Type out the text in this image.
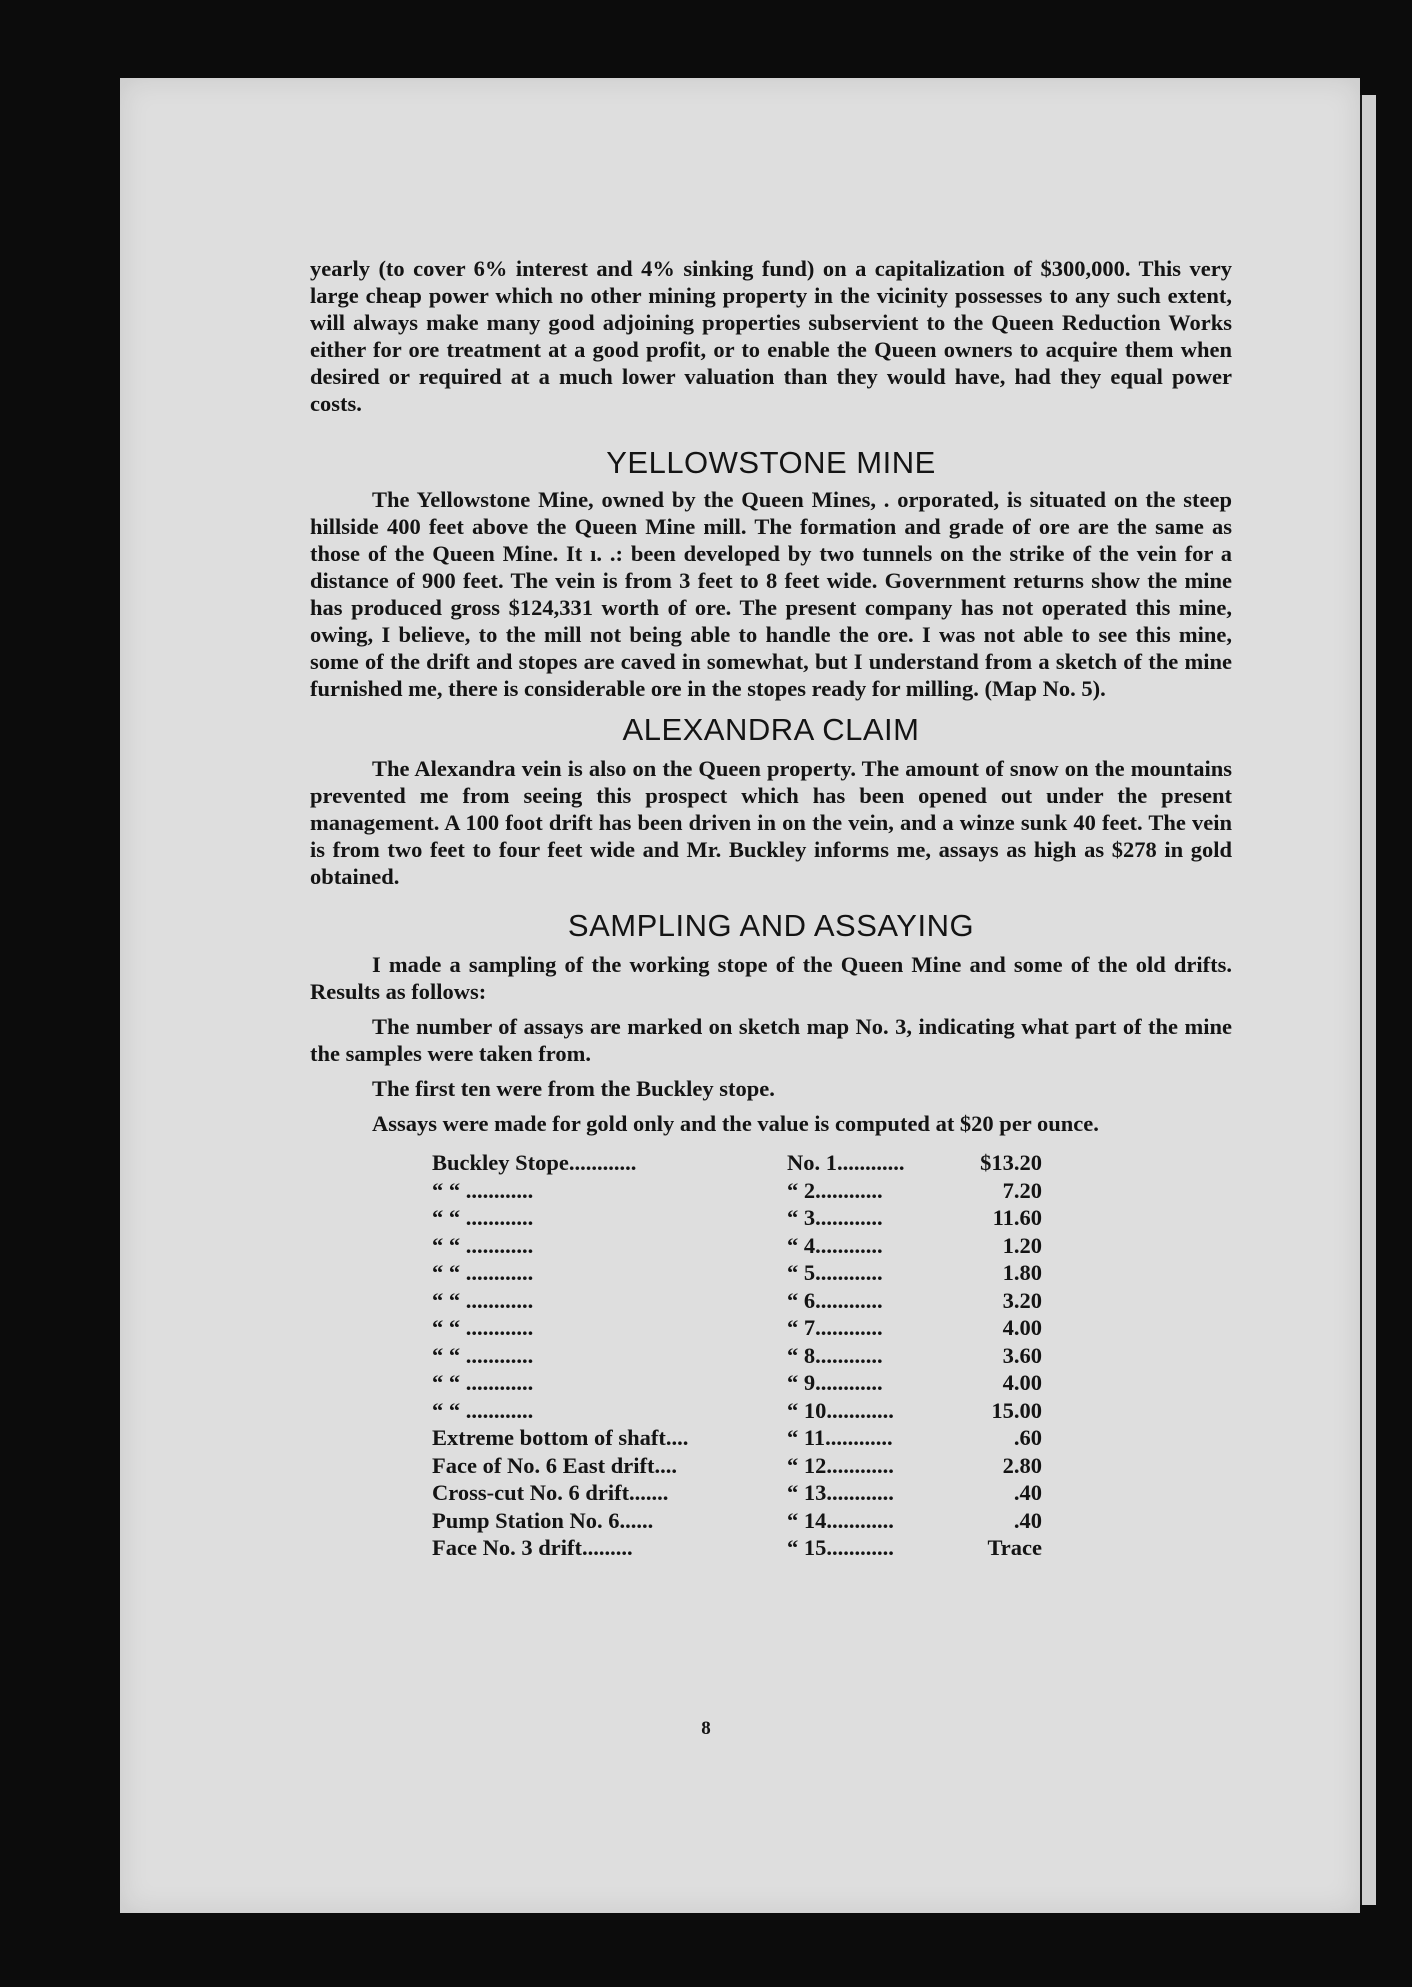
yearly (to cover 6% interest and 4% sinking fund) on a capitalization of $300,000. This very large cheap power which no other mining property in the vicinity possesses to any such extent, will always make many good adjoining properties subservient to the Queen Reduction Works either for ore treatment at a good profit, or to enable the Queen owners to acquire them when desired or required at a much lower valuation than they would have, had they equal power costs.

YELLOWSTONE MINE

The Yellowstone Mine, owned by the Queen Mines, . orporated, is situated on the steep hillside 400 feet above the Queen Mine mill. The formation and grade of ore are the same as those of the Queen Mine. It ı. .: been developed by two tunnels on the strike of the vein for a distance of 900 feet. The vein is from 3 feet to 8 feet wide. Government returns show the mine has produced gross $124,331 worth of ore. The present company has not operated this mine, owing, I believe, to the mill not being able to handle the ore. I was not able to see this mine, some of the drift and stopes are caved in somewhat, but I understand from a sketch of the mine furnished me, there is considerable ore in the stopes ready for milling. (Map No. 5).

ALEXANDRA CLAIM

The Alexandra vein is also on the Queen property. The amount of snow on the mountains prevented me from seeing this prospect which has been opened out under the present management. A 100 foot drift has been driven in on the vein, and a winze sunk 40 feet. The vein is from two feet to four feet wide and Mr. Buckley informs me, assays as high as $278 in gold obtained.

SAMPLING AND ASSAYING

I made a sampling of the working stope of the Queen Mine and some of the old drifts. Results as follows:

The number of assays are marked on sketch map No. 3, indicating what part of the mine the samples were taken from.

The first ten were from the Buckley stope.

Assays were made for gold only and the value is computed at $20 per ounce.

Buckley Stope............	No. 1............	$13.20
“ “ ............	“ 2............	7.20
“ “ ............	“ 3............	11.60
“ “ ............	“ 4............	1.20
“ “ ............	“ 5............	1.80
“ “ ............	“ 6............	3.20
“ “ ............	“ 7............	4.00
“ “ ............	“ 8............	3.60
“ “ ............	“ 9............	4.00
“ “ ............	“ 10............	15.00
Extreme bottom of shaft....	“ 11............	.60
Face of No. 6 East drift....	“ 12............	2.80
Cross-cut No. 6 drift.......	“ 13............	.40
Pump Station No. 6......	“ 14............	.40
Face No. 3 drift.........	“ 15............	Trace
8
